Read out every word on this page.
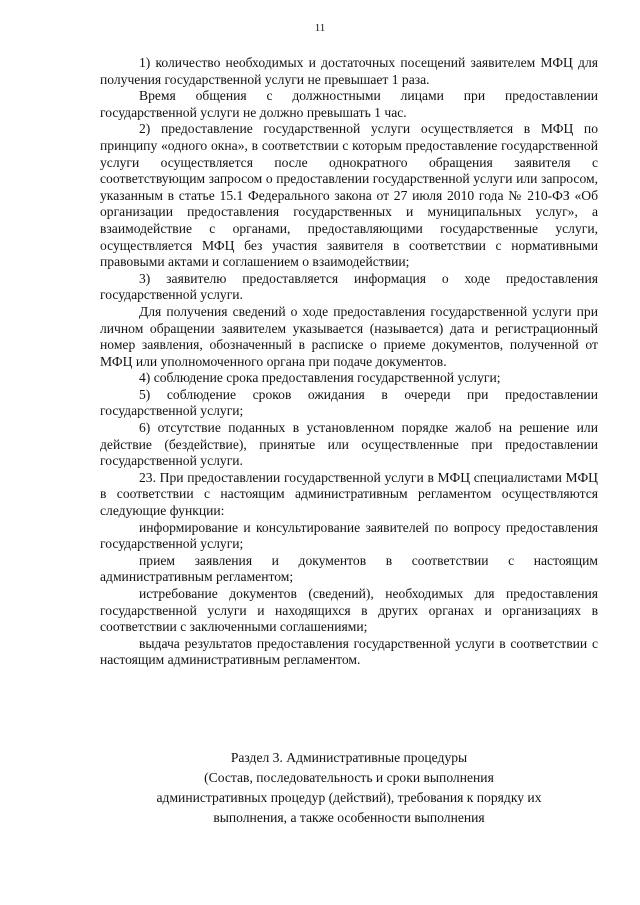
11

1) количество необходимых и достаточных посещений заявителем МФЦ для получения государственной услуги не превышает 1 раза.

Время общения с должностными лицами при предоставлении государственной услуги не должно превышать 1 час.

2) предоставление государственной услуги осуществляется в МФЦ по принципу «одного окна», в соответствии с которым предоставление государственной услуги осуществляется после однократного обращения заявителя с соответствующим запросом о предоставлении государственной услуги или запросом, указанным в статье 15.1 Федерального закона от 27 июля 2010 года № 210-ФЗ «Об организации предоставления государственных и муниципальных услуг», а взаимодействие с органами, предоставляющими государственные услуги, осуществляется МФЦ без участия заявителя в соответствии с нормативными правовыми актами и соглашением о взаимодействии;

3) заявителю предоставляется информация о ходе предоставления государственной услуги.

Для получения сведений о ходе предоставления государственной услуги при личном обращении заявителем указывается (называется) дата и регистрационный номер заявления, обозначенный в расписке о приеме документов, полученной от МФЦ или уполномоченного органа при подаче документов.

4) соблюдение срока предоставления государственной услуги;

5) соблюдение сроков ожидания в очереди при предоставлении государственной услуги;

6) отсутствие поданных в установленном порядке жалоб на решение или действие (бездействие), принятые или осуществленные при предоставлении государственной услуги.

23. При предоставлении государственной услуги в МФЦ специалистами МФЦ в соответствии с настоящим административным регламентом осуществляются следующие функции:

информирование и консультирование заявителей по вопросу предоставления государственной услуги;

прием заявления и документов в соответствии с настоящим административным регламентом;

истребование документов (сведений), необходимых для предоставления государственной услуги и находящихся в других органах и организациях в соответствии с заключенными соглашениями;

выдача результатов предоставления государственной услуги в соответствии с настоящим административным регламентом.

Раздел 3. Административные процедуры
(Состав, последовательность и сроки выполнения
административных процедур (действий), требования к порядку их
выполнения, а также особенности выполнения
